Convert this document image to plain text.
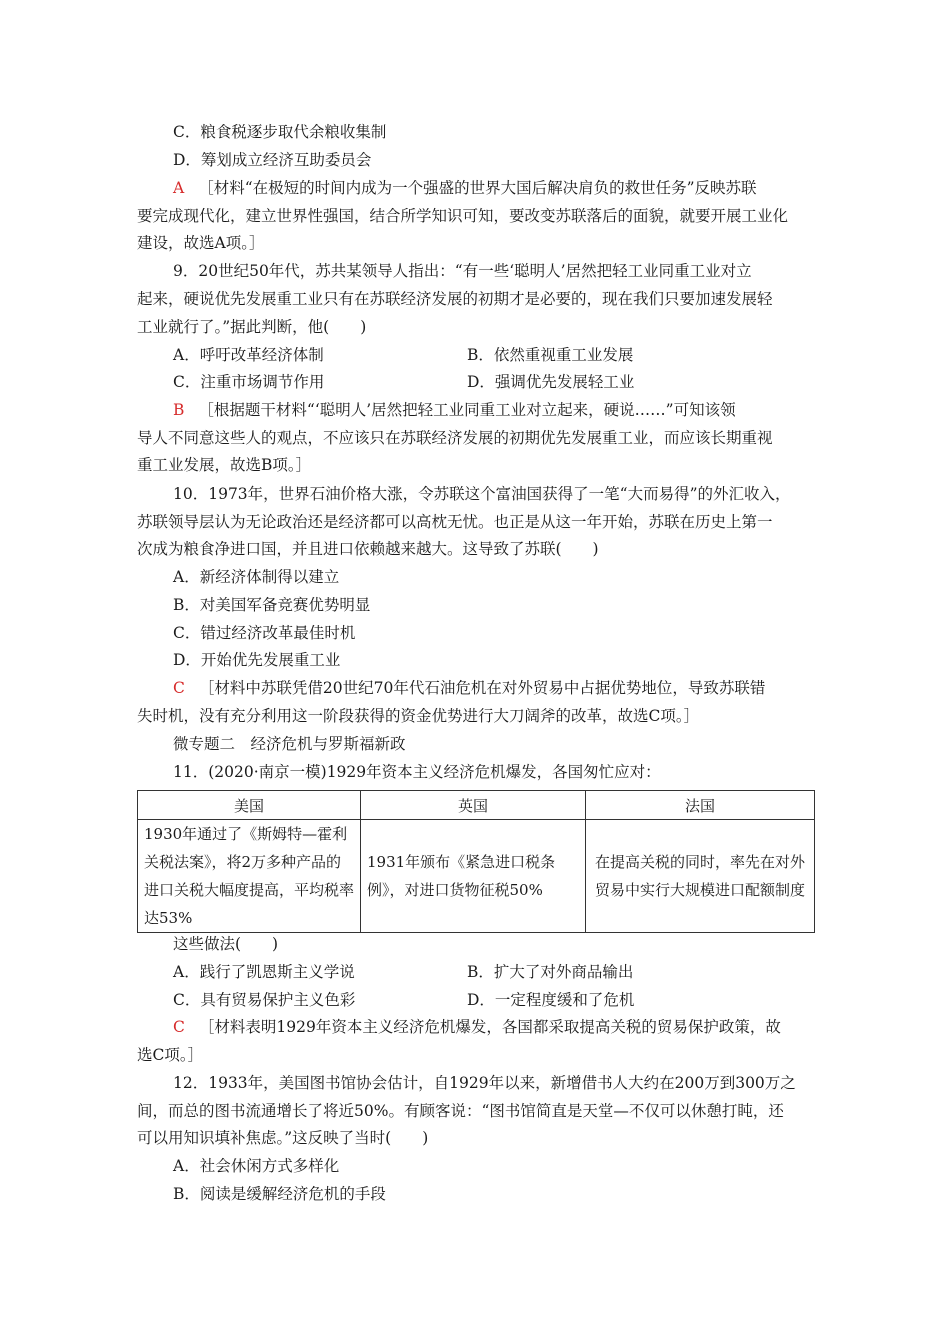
C．粮食税逐步取代余粮收集制
D．筹划成立经济互助委员会
A ［材料“在极短的时间内成为一个强盛的世界大国后解决肩负的救世任务”反映苏联
要完成现代化，建立世界性强国，结合所学知识可知，要改变苏联落后的面貌，就要开展工业化
建设，故选A项。］
9．20世纪50年代，苏共某领导人指出：“有一些‘聪明人’居然把轻工业同重工业对立
起来，硬说优先发展重工业只有在苏联经济发展的初期才是必要的，现在我们只要加速发展轻
工业就行了。”据此判断，他(　　)
A．呼吁改革经济体制	B．依然重视重工业发展
C．注重市场调节作用	D．强调优先发展轻工业
B ［根据题干材料“‘聪明人’居然把轻工业同重工业对立起来，硬说……”可知该领
导人不同意这些人的观点，不应该只在苏联经济发展的初期优先发展重工业，而应该长期重视
重工业发展，故选B项。］
10．1973年，世界石油价格大涨，令苏联这个富油国获得了一笔“大而易得”的外汇收入，
苏联领导层认为无论政治还是经济都可以高枕无忧。也正是从这一年开始，苏联在历史上第一
次成为粮食净进口国，并且进口依赖越来越大。这导致了苏联(　　)
A．新经济体制得以建立
B．对美国军备竞赛优势明显
C．错过经济改革最佳时机
D．开始优先发展重工业
C ［材料中苏联凭借20世纪70年代石油危机在对外贸易中占据优势地位，导致苏联错
失时机，没有充分利用这一阶段获得的资金优势进行大刀阔斧的改革，故选C项。］
微专题二　经济危机与罗斯福新政
11．(2020·南京一模)1929年资本主义经济危机爆发，各国匆忙应对：
美国	英国	法国
1930年通过了《斯姆特—霍利关税法案》，将2万多种产品的进口关税大幅度提高，平均税率达53%	1931年颁布《紧急进口税条例》，对进口货物征税50%	在提高关税的同时，率先在对外贸易中实行大规模进口配额制度
这些做法(　　)
A．践行了凯恩斯主义学说	B．扩大了对外商品输出
C．具有贸易保护主义色彩	D．一定程度缓和了危机
C ［材料表明1929年资本主义经济危机爆发，各国都采取提高关税的贸易保护政策，故
选C项。］
12．1933年，美国图书馆协会估计，自1929年以来，新增借书人大约在200万到300万之
间，而总的图书流通增长了将近50%。有顾客说：“图书馆简直是天堂—不仅可以休憩打盹，还
可以用知识填补焦虑。”这反映了当时(　　)
A．社会休闲方式多样化
B．阅读是缓解经济危机的手段
